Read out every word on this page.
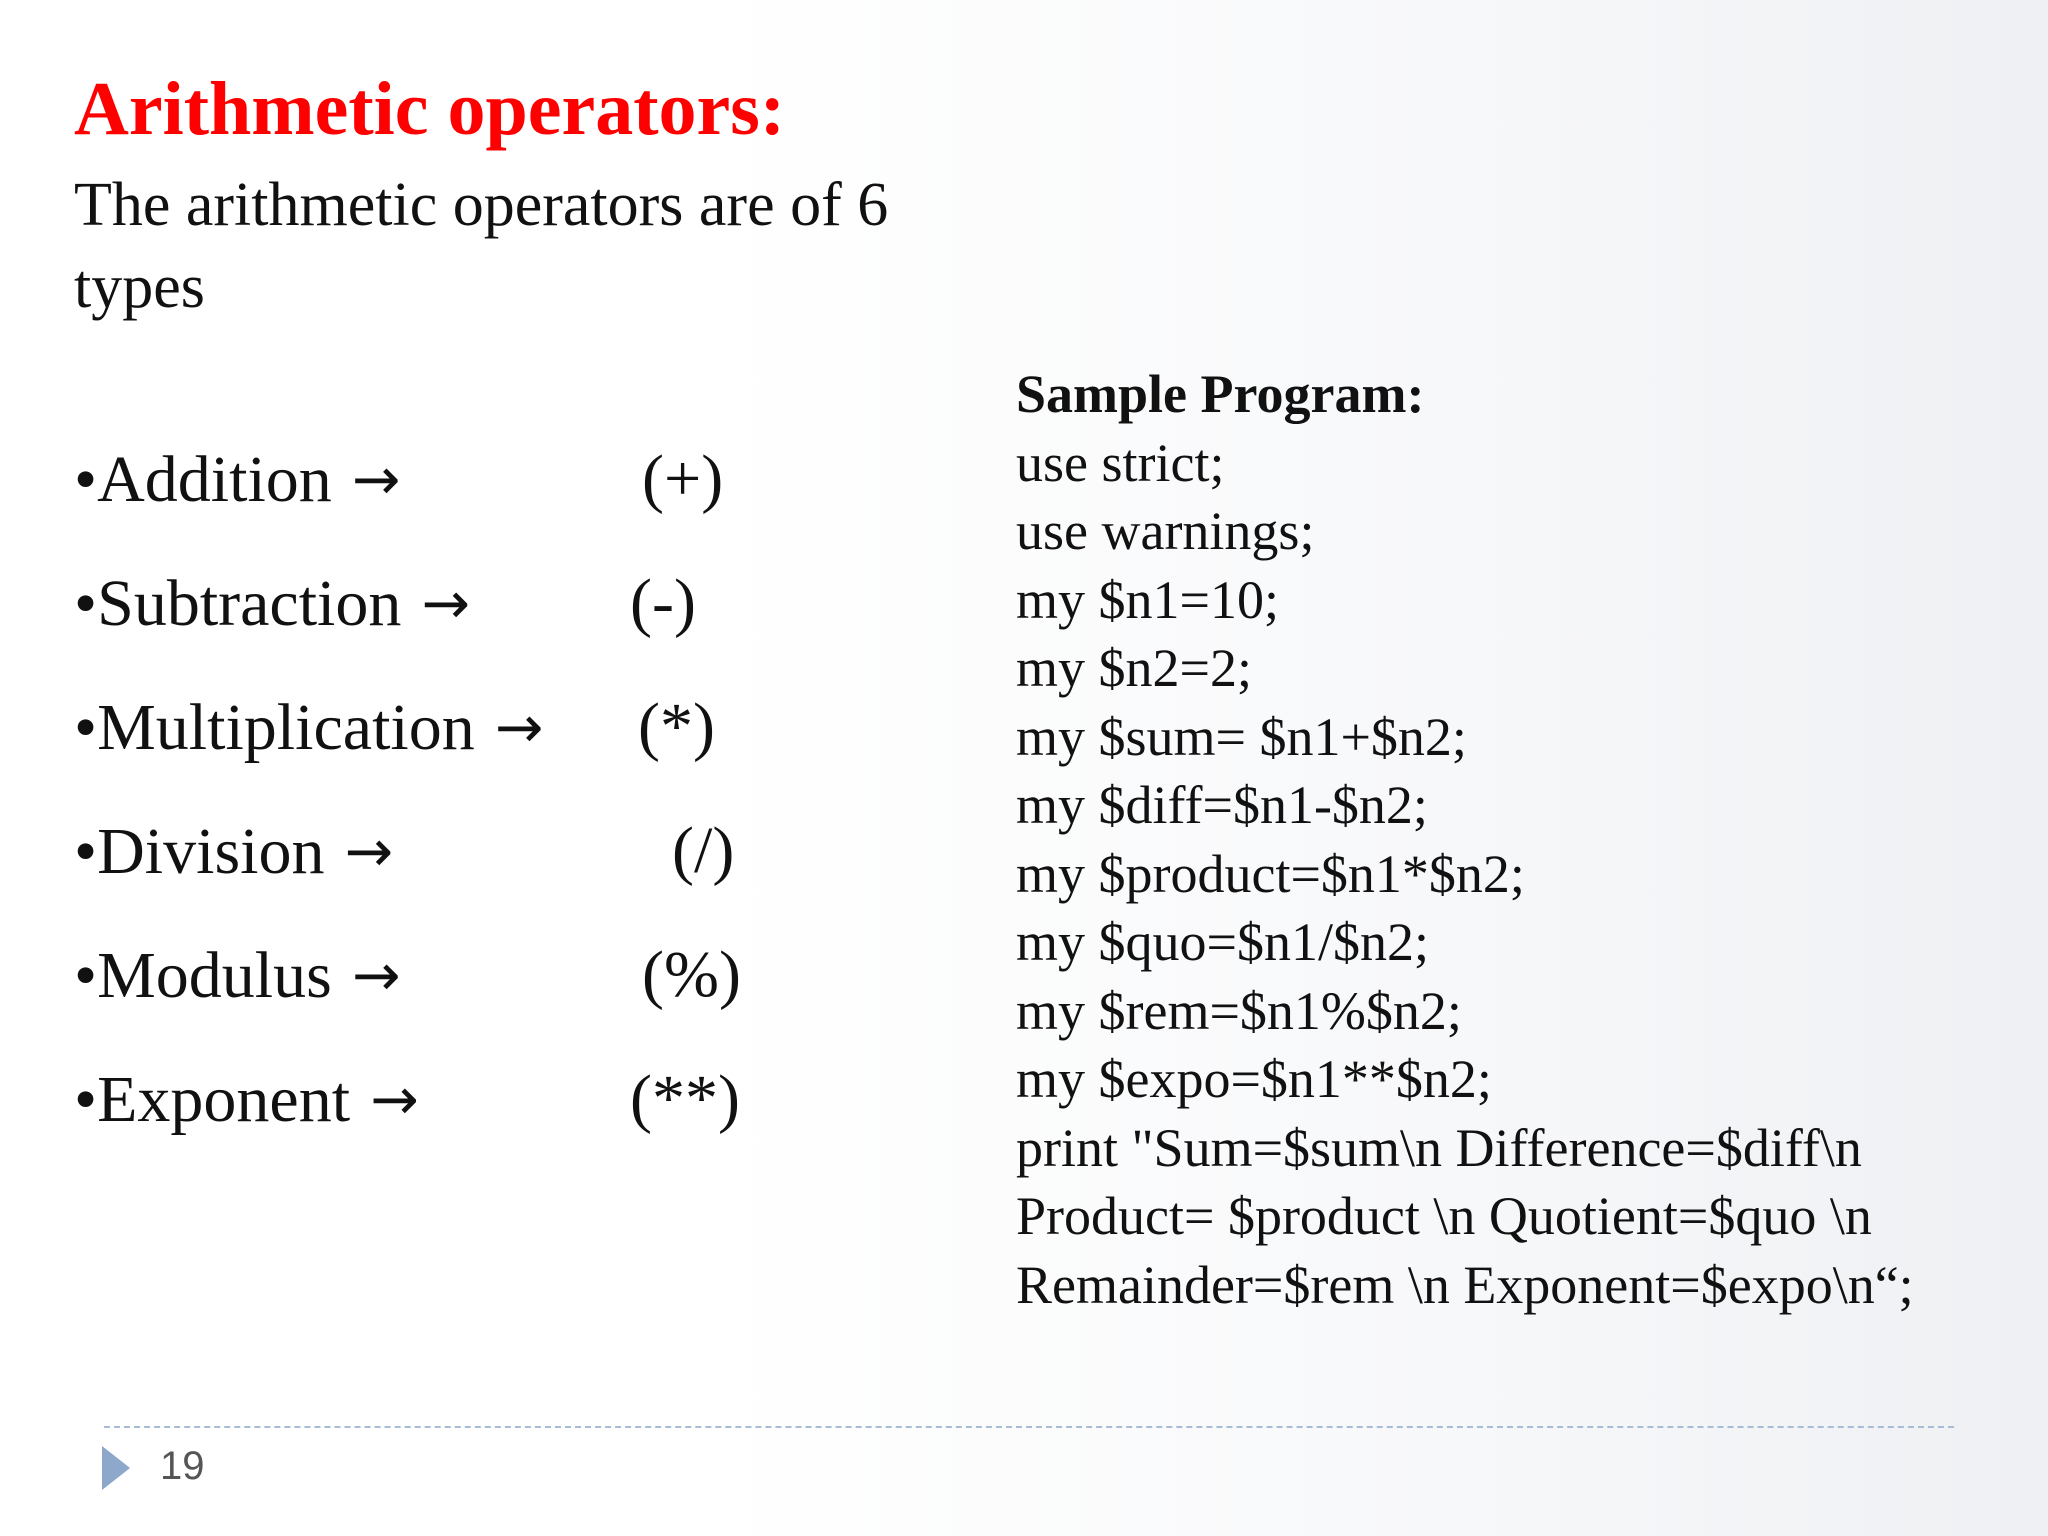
Arithmetic operators:
The arithmetic operators are of 6 types
•Addition →	(+)
•Subtraction → (-)
•Multiplication → (*)
•Division →	(/)
•Modulus →	(%)
•Exponent →	(**)
Sample Program:
use strict;
use warnings;
my $n1=10;
my $n2=2;
my $sum= $n1+$n2;
my $diff=$n1-$n2;
my $product=$n1*$n2;
my $quo=$n1/$n2;
my $rem=$n1%$n2;
my $expo=$n1**$n2;
print "Sum=$sum\n Difference=$diff\n
Product= $product \n Quotient=$quo \n
Remainder=$rem \n Exponent=$expo\n“;
19
